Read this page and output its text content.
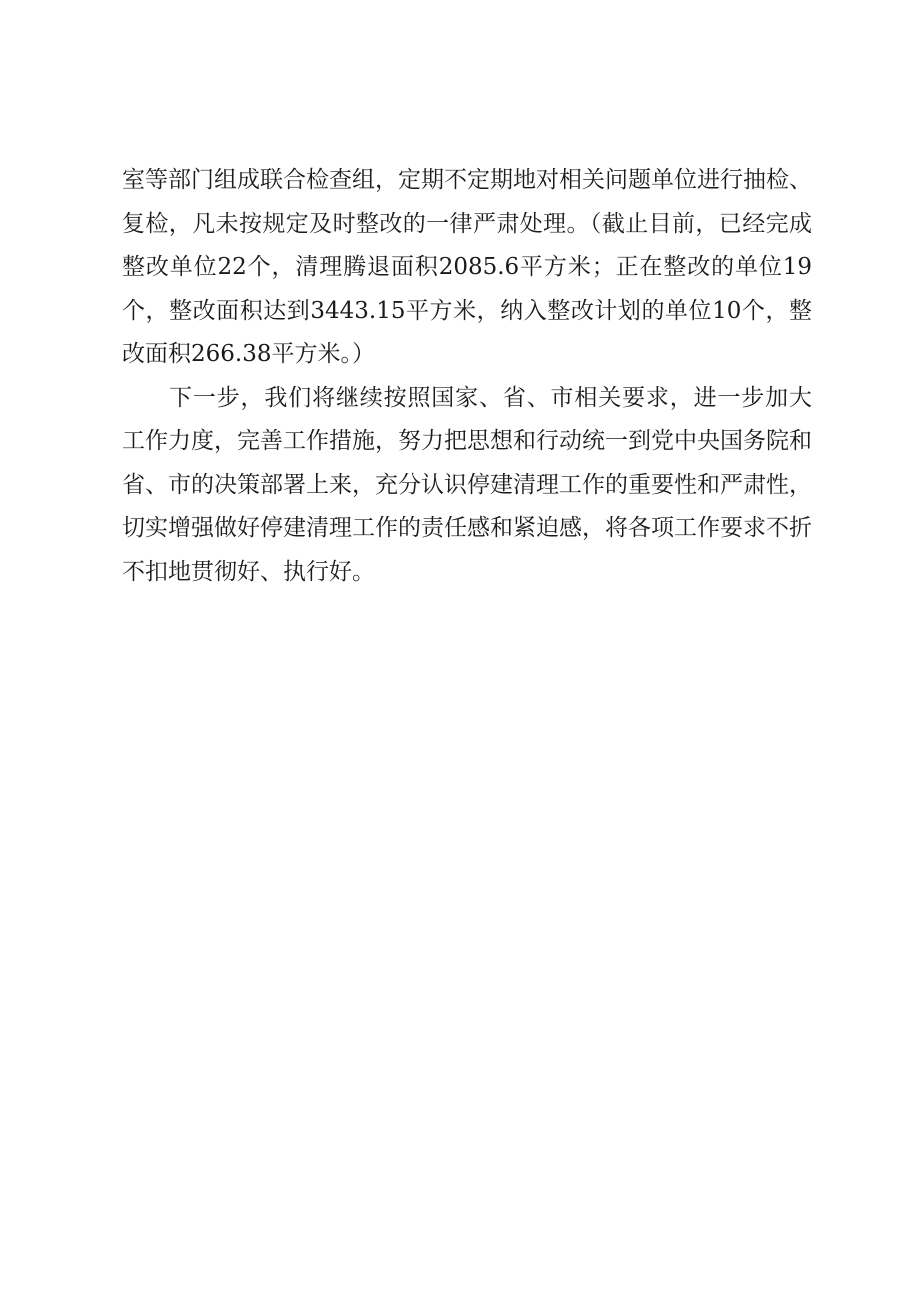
室等部门组成联合检查组，定期不定期地对相关问题单位进行抽检、
复检，凡未按规定及时整改的一律严肃处理。（截止目前，已经完成
整改单位22个，清理腾退面积2085.6平方米；正在整改的单位19
个，整改面积达到3443.15平方米，纳入整改计划的单位10个，整
改面积266.38平方米。）
下一步，我们将继续按照国家、省、市相关要求，进一步加大
工作力度，完善工作措施，努力把思想和行动统一到党中央国务院和
省、市的决策部署上来，充分认识停建清理工作的重要性和严肃性，
切实增强做好停建清理工作的责任感和紧迫感，将各项工作要求不折
不扣地贯彻好、执行好。
